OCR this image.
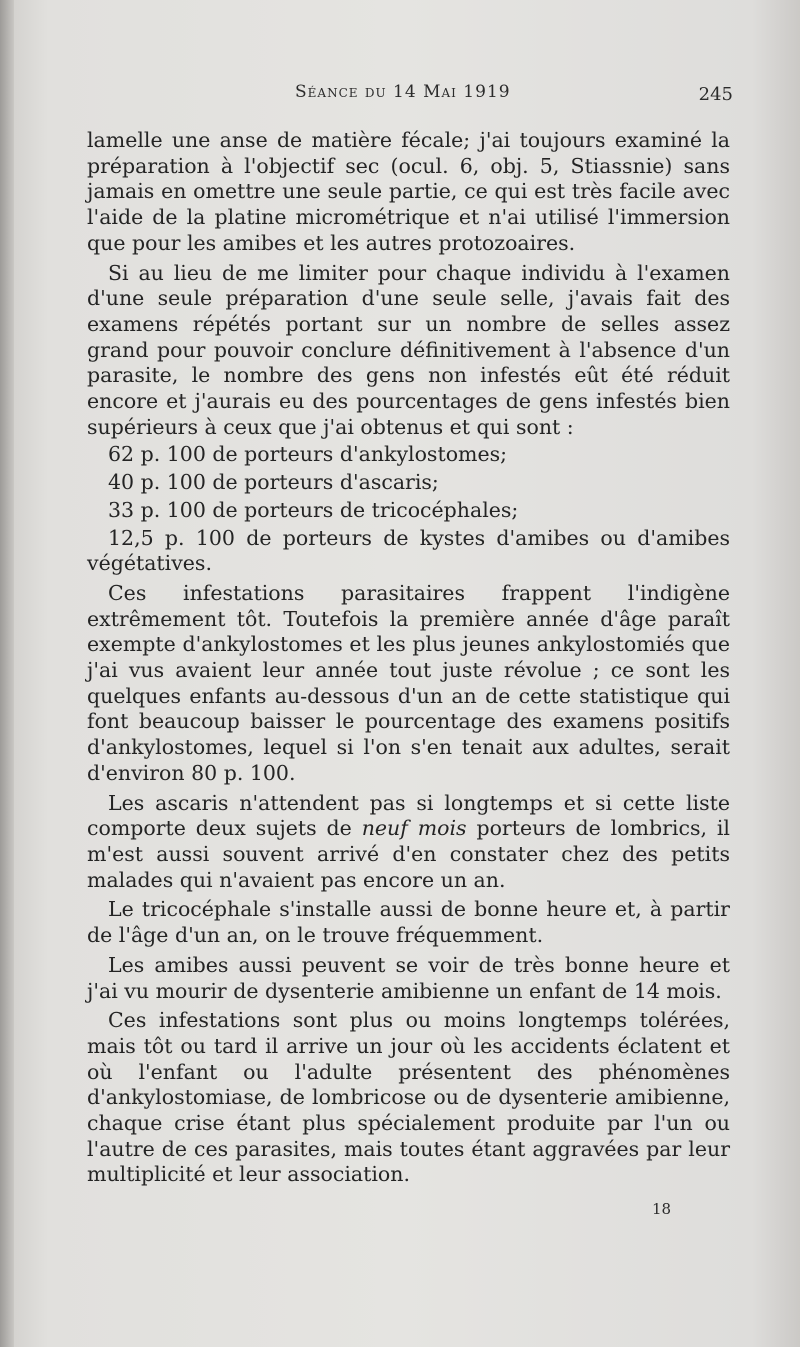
Séance du 14 Mai 1919	245

lamelle une anse de matière fécale; j'ai toujours examiné la préparation à l'objectif sec (ocul. 6, obj. 5, Stiassnie) sans jamais en omettre une seule partie, ce qui est très facile avec l'aide de la platine micrométrique et n'ai utilisé l'immersion que pour les amibes et les autres protozoaires.

Si au lieu de me limiter pour chaque individu à l'examen d'une seule préparation d'une seule selle, j'avais fait des examens répétés portant sur un nombre de selles assez grand pour pouvoir conclure définitivement à l'absence d'un parasite, le nombre des gens non infestés eût été réduit encore et j'aurais eu des pourcentages de gens infestés bien supérieurs à ceux que j'ai obtenus et qui sont :

62 p. 100 de porteurs d'ankylostomes;

40 p. 100 de porteurs d'ascaris;

33 p. 100 de porteurs de tricocéphales;

12,5 p. 100 de porteurs de kystes d'amibes ou d'amibes végétatives.

Ces infestations parasitaires frappent l'indigène extrêmement tôt. Toutefois la première année d'âge paraît exempte d'ankylostomes et les plus jeunes ankylostomiés que j'ai vus avaient leur année tout juste révolue ; ce sont les quelques enfants au-dessous d'un an de cette statistique qui font beaucoup baisser le pourcentage des examens positifs d'ankylostomes, lequel si l'on s'en tenait aux adultes, serait d'environ 80 p. 100.

Les ascaris n'attendent pas si longtemps et si cette liste comporte deux sujets de neuf mois porteurs de lombrics, il m'est aussi souvent arrivé d'en constater chez des petits malades qui n'avaient pas encore un an.

Le tricocéphale s'installe aussi de bonne heure et, à partir de l'âge d'un an, on le trouve fréquemment.

Les amibes aussi peuvent se voir de très bonne heure et j'ai vu mourir de dysenterie amibienne un enfant de 14 mois.

Ces infestations sont plus ou moins longtemps tolérées, mais tôt ou tard il arrive un jour où les accidents éclatent et où l'enfant ou l'adulte présentent des phénomènes d'ankylostomiase, de lombricose ou de dysenterie amibienne, chaque crise étant plus spécialement produite par l'un ou l'autre de ces parasites, mais toutes étant aggravées par leur multiplicité et leur association.

18
